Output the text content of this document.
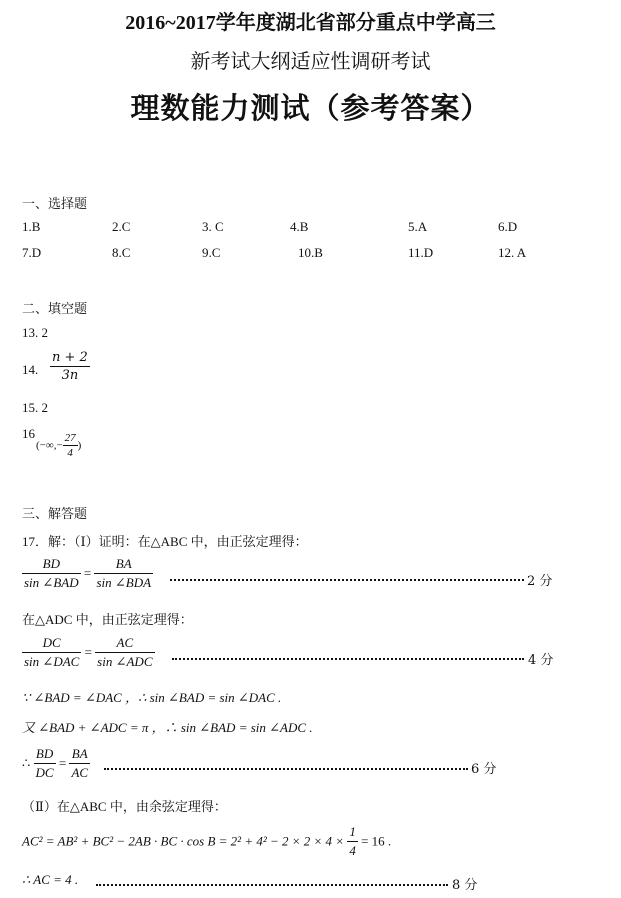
2016~2017学年度湖北省部分重点中学高三
新考试大纲适应性调研考试
理数能力测试（参考答案）
一、选择题
1.B	2.C	3. C	4.B	5.A	6.D
7.D	8.C	9.C	10.B	11.D	12. A
二、填空题
13. 2
14. $\frac{n + 2}{3n}$
15. 2
16
(−∞,− $\frac{27}{4}$ )
三、解答题
17．解：（Ⅰ）证明：在△ABC 中，由正弦定理得：
$\frac{BD}{\text{sin ∠BAD}} = \frac{BA}{\text{sin ∠BDA}}$	2 分
在△ADC 中，由正弦定理得：
$\frac{DC}{\text{sin ∠DAC}} = \frac{AC}{\text{sin ∠ADC}}$	4 分
∵ ∠BAD = ∠DAC ，∴ sin ∠BAD = sin ∠DAC .
又 ∠BAD + ∠ADC = π ，∴ sin ∠BAD = sin ∠ADC .
∴ $\frac{BD}{DC} = \frac{BA}{AC}$	6 分
（Ⅱ）在△ABC 中，由余弦定理得：
AC² = AB² + BC² − 2AB · BC · $\cos B = 2^2 + 4^2 - 2 \times 2 \times 4 \times \frac{1}{4} = 16$ .
∴ AC = 4 .	8 分
